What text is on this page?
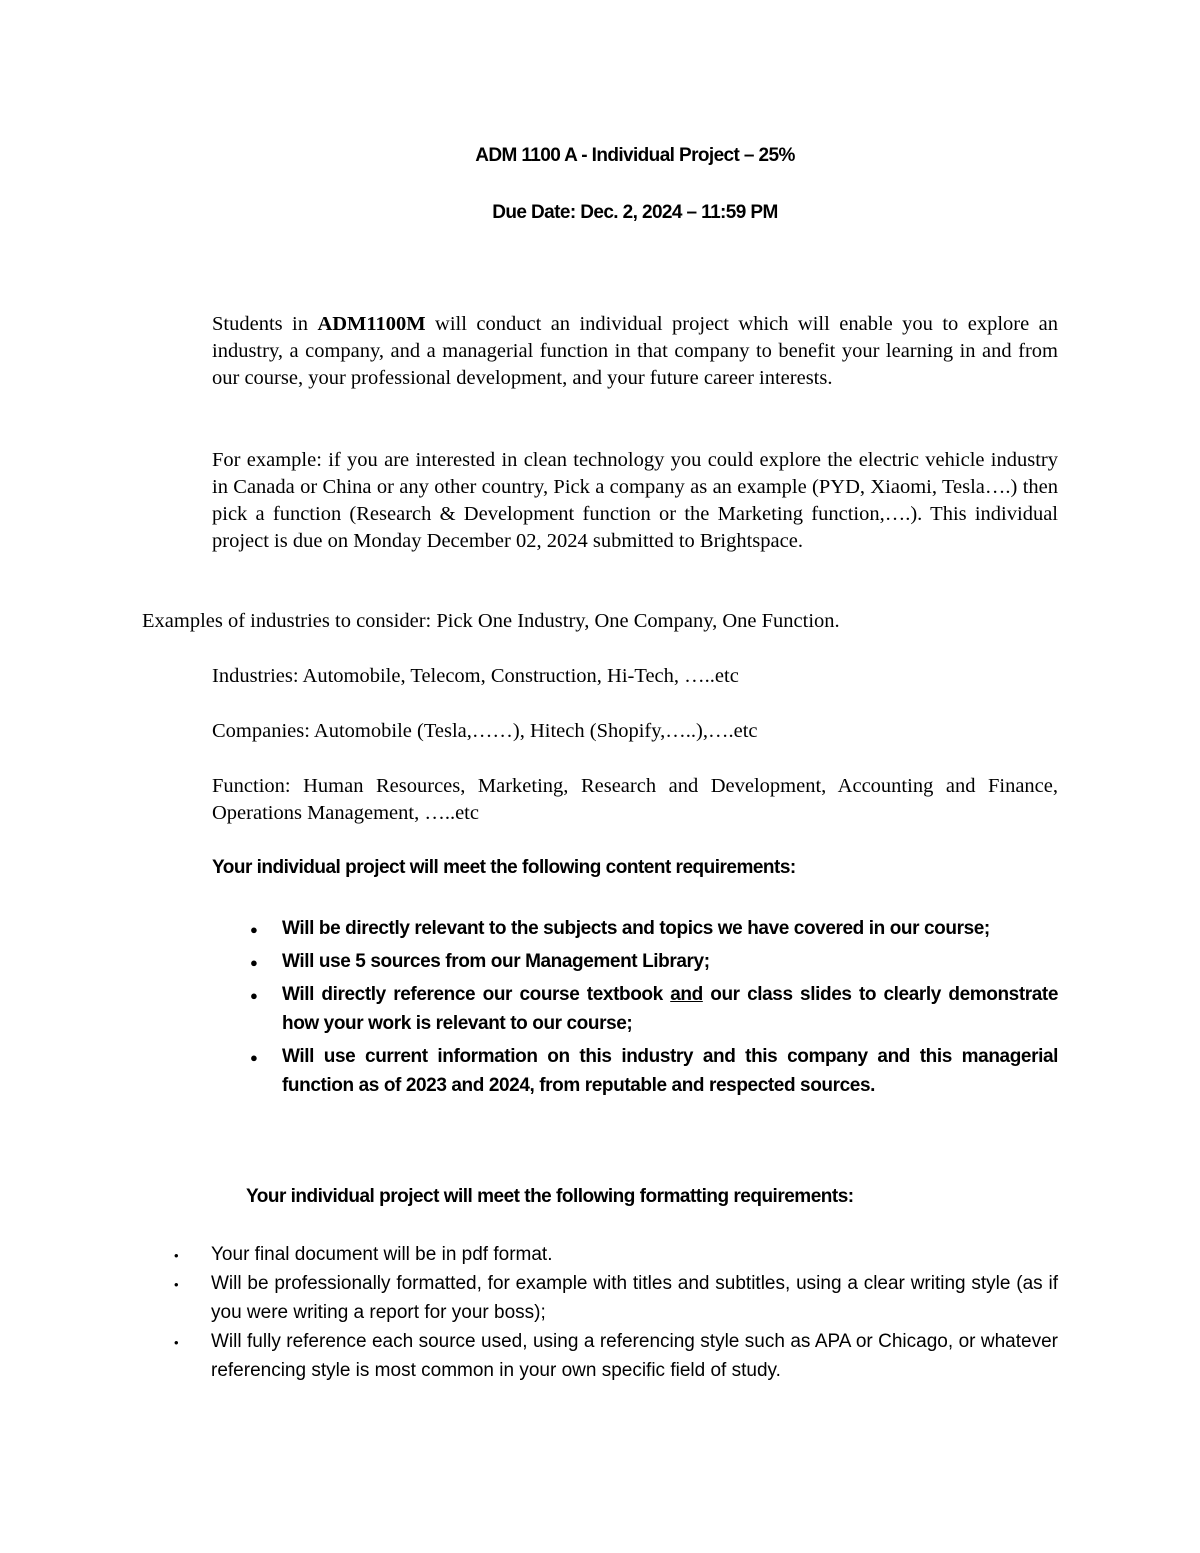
ADM 1100 A - Individual Project – 25%
Due Date: Dec. 2, 2024 – 11:59 PM
Students in ADM1100M will conduct an individual project which will enable you to explore an industry, a company, and a managerial function in that company to benefit your learning in and from our course, your professional development, and your future career interests.
For example: if you are interested in clean technology you could explore the electric vehicle industry in Canada or China or any other country, Pick a company as an example (PYD, Xiaomi, Tesla….) then pick a function (Research & Development function or the Marketing function,….). This individual project is due on Monday December 02, 2024 submitted to Brightspace.
Examples of industries to consider: Pick One Industry, One Company, One Function.
Industries: Automobile, Telecom, Construction, Hi-Tech, …..etc
Companies: Automobile (Tesla,……), Hitech (Shopify,…..),….etc
Function: Human Resources, Marketing, Research and Development, Accounting and Finance, Operations Management, …..etc
Your individual project will meet the following content requirements:
● Will be directly relevant to the subjects and topics we have covered in our course;
● Will use 5 sources from our Management Library;
● Will directly reference our course textbook and our class slides to clearly demonstrate how your work is relevant to our course;
● Will use current information on this industry and this company and this managerial function as of 2023 and 2024, from reputable and respected sources.
Your individual project will meet the following formatting requirements:
• Your final document will be in pdf format.
• Will be professionally formatted, for example with titles and subtitles, using a clear writing style (as if you were writing a report for your boss);
• Will fully reference each source used, using a referencing style such as APA or Chicago, or whatever referencing style is most common in your own specific field of study.
